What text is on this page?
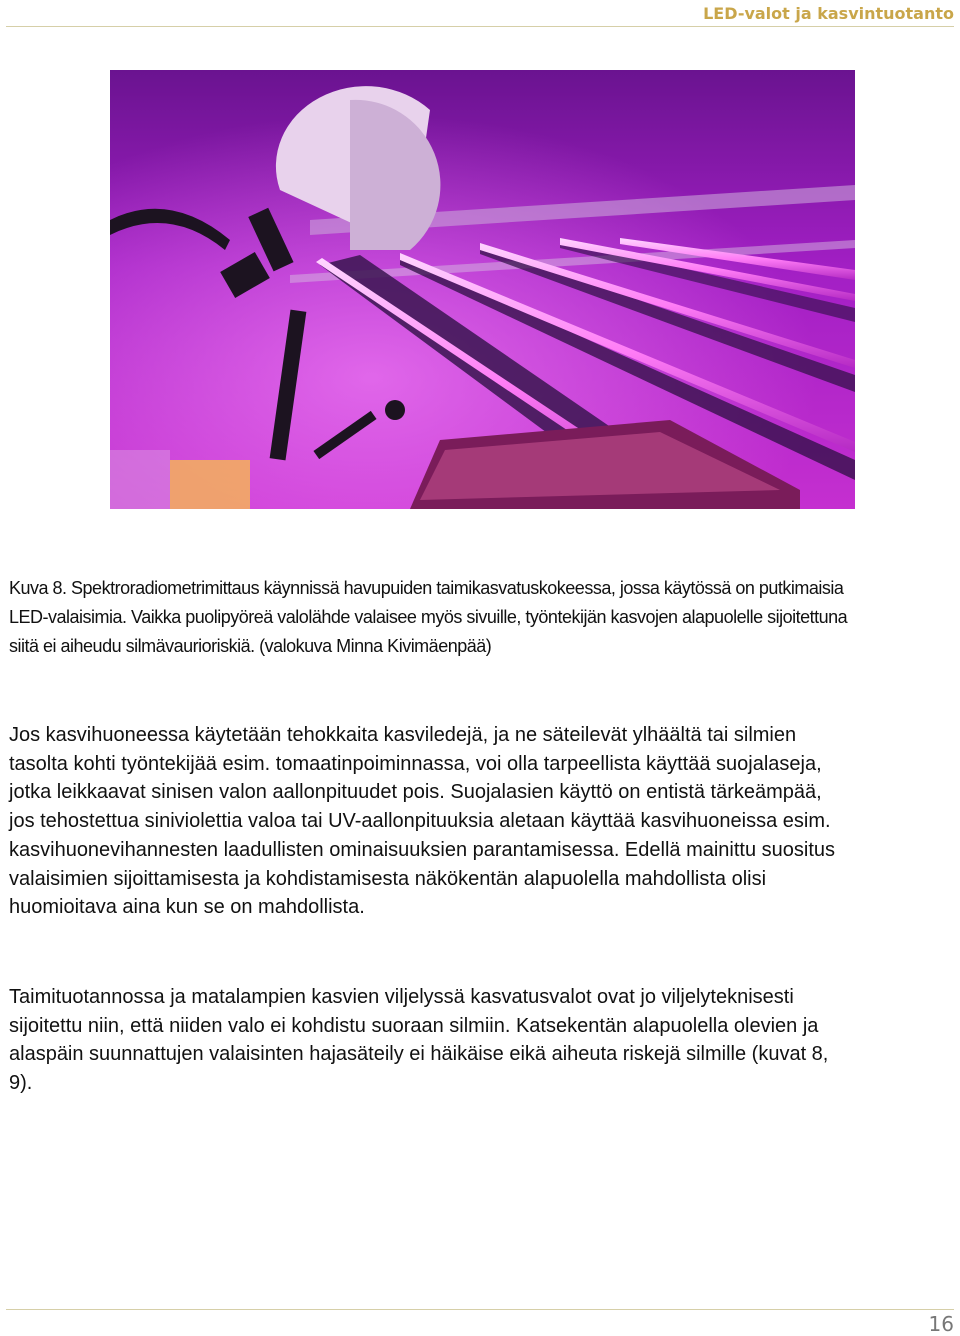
LED-valot ja kasvintuotanto

Kuva 8. Spektroradiometrimittaus käynnissä havupuiden taimikasvatuskokeessa, jossa käytössä on putkimaisia

LED-valaisimia. Vaikka puolipyöreä valolähde valaisee myös sivuille, työntekijän kasvojen alapuolelle sijoitettuna

siitä ei aiheudu silmävaurioriskiä. (valokuva Minna Kivimäenpää)

Jos kasvihuoneessa käytetään tehokkaita kasviledejä, ja ne säteilevät ylhäältä tai silmien

tasolta kohti työntekijää esim. tomaatinpoiminnassa, voi olla tarpeellista käyttää suojalaseja,

jotka leikkaavat sinisen valon aallonpituudet pois. Suojalasien käyttö on entistä tärkeämpää,

jos tehostettua siniviolettia valoa tai UV-aallonpituuksia aletaan käyttää kasvihuoneissa esim.

kasvihuonevihannesten laadullisten ominaisuuksien parantamisessa. Edellä mainittu suositus

valaisimien sijoittamisesta ja kohdistamisesta näkökentän alapuolella mahdollista olisi

huomioitava aina kun se on mahdollista.

Taimituotannossa ja matalampien kasvien viljelyssä kasvatusvalot ovat jo viljelyteknisesti

sijoitettu niin, että niiden valo ei kohdistu suoraan silmiin. Katsekentän alapuolella olevien ja

alaspäin suunnattujen valaisinten hajasäteily ei häikäise eikä aiheuta riskejä silmille (kuvat 8,

9).

16
